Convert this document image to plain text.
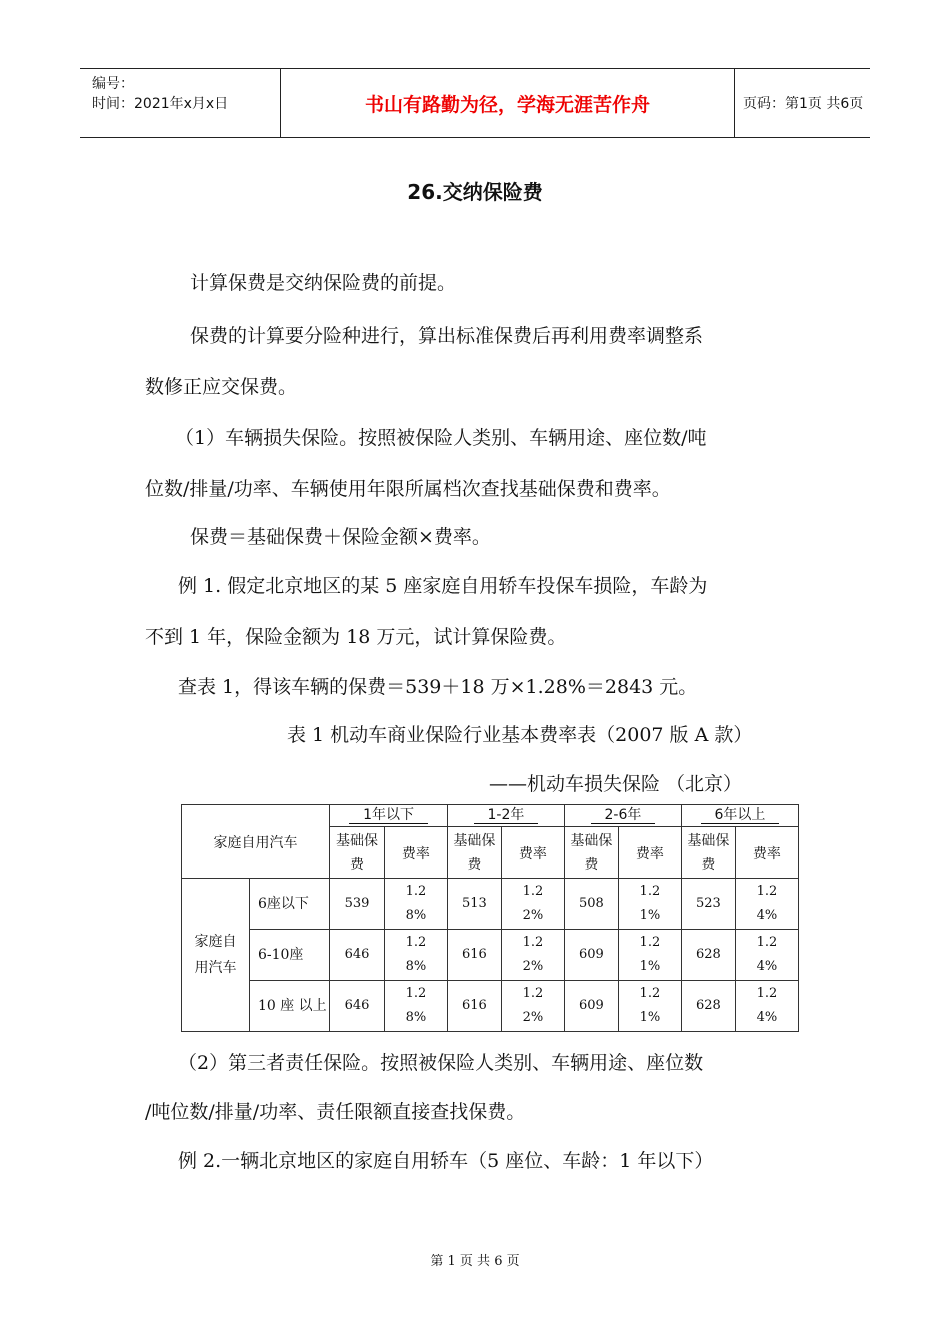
编号：
时间：2021年x月x日	书山有路勤为径，学海无涯苦作舟	页码：第1页 共6页
26.交纳保险费
计算保费是交纳保险费的前提。
保费的计算要分险种进行，算出标准保费后再利用费率调整系
数修正应交保费。
（1）车辆损失保险。按照被保险人类别、车辆用途、座位数/吨
位数/排量/功率、车辆使用年限所属档次查找基础保费和费率。
保费＝基础保费＋保险金额×费率。
例 1. 假定北京地区的某 5 座家庭自用轿车投保车损险，车龄为
不到 1 年，保险金额为 18 万元，试计算保险费。
查表 1，得该车辆的保费＝539＋18 万×1.28%＝2843 元。
表 1 机动车商业保险行业基本费率表（2007 版 A 款）
——机动车损失保险 （北京）
家庭自用汽车		1年以下		1-2年		2-6年		6年以上	
		基础保费	费率	基础保费	费率	基础保费	费率	基础保费	费率
家庭自用汽车	6座以下	539	1.28%	513	1.22%	508	1.21%	523	1.24%
	6-10座	646	1.28%	616	1.22%	609	1.21%	628	1.24%
	10 座 以上	646	1.28%	616	1.22%	609	1.21%	628	1.24%
（2）第三者责任保险。按照被保险人类别、车辆用途、座位数
/吨位数/排量/功率、责任限额直接查找保费。
例 2.一辆北京地区的家庭自用轿车（5 座位、车龄：1 年以下）
第 1 页 共 6 页
